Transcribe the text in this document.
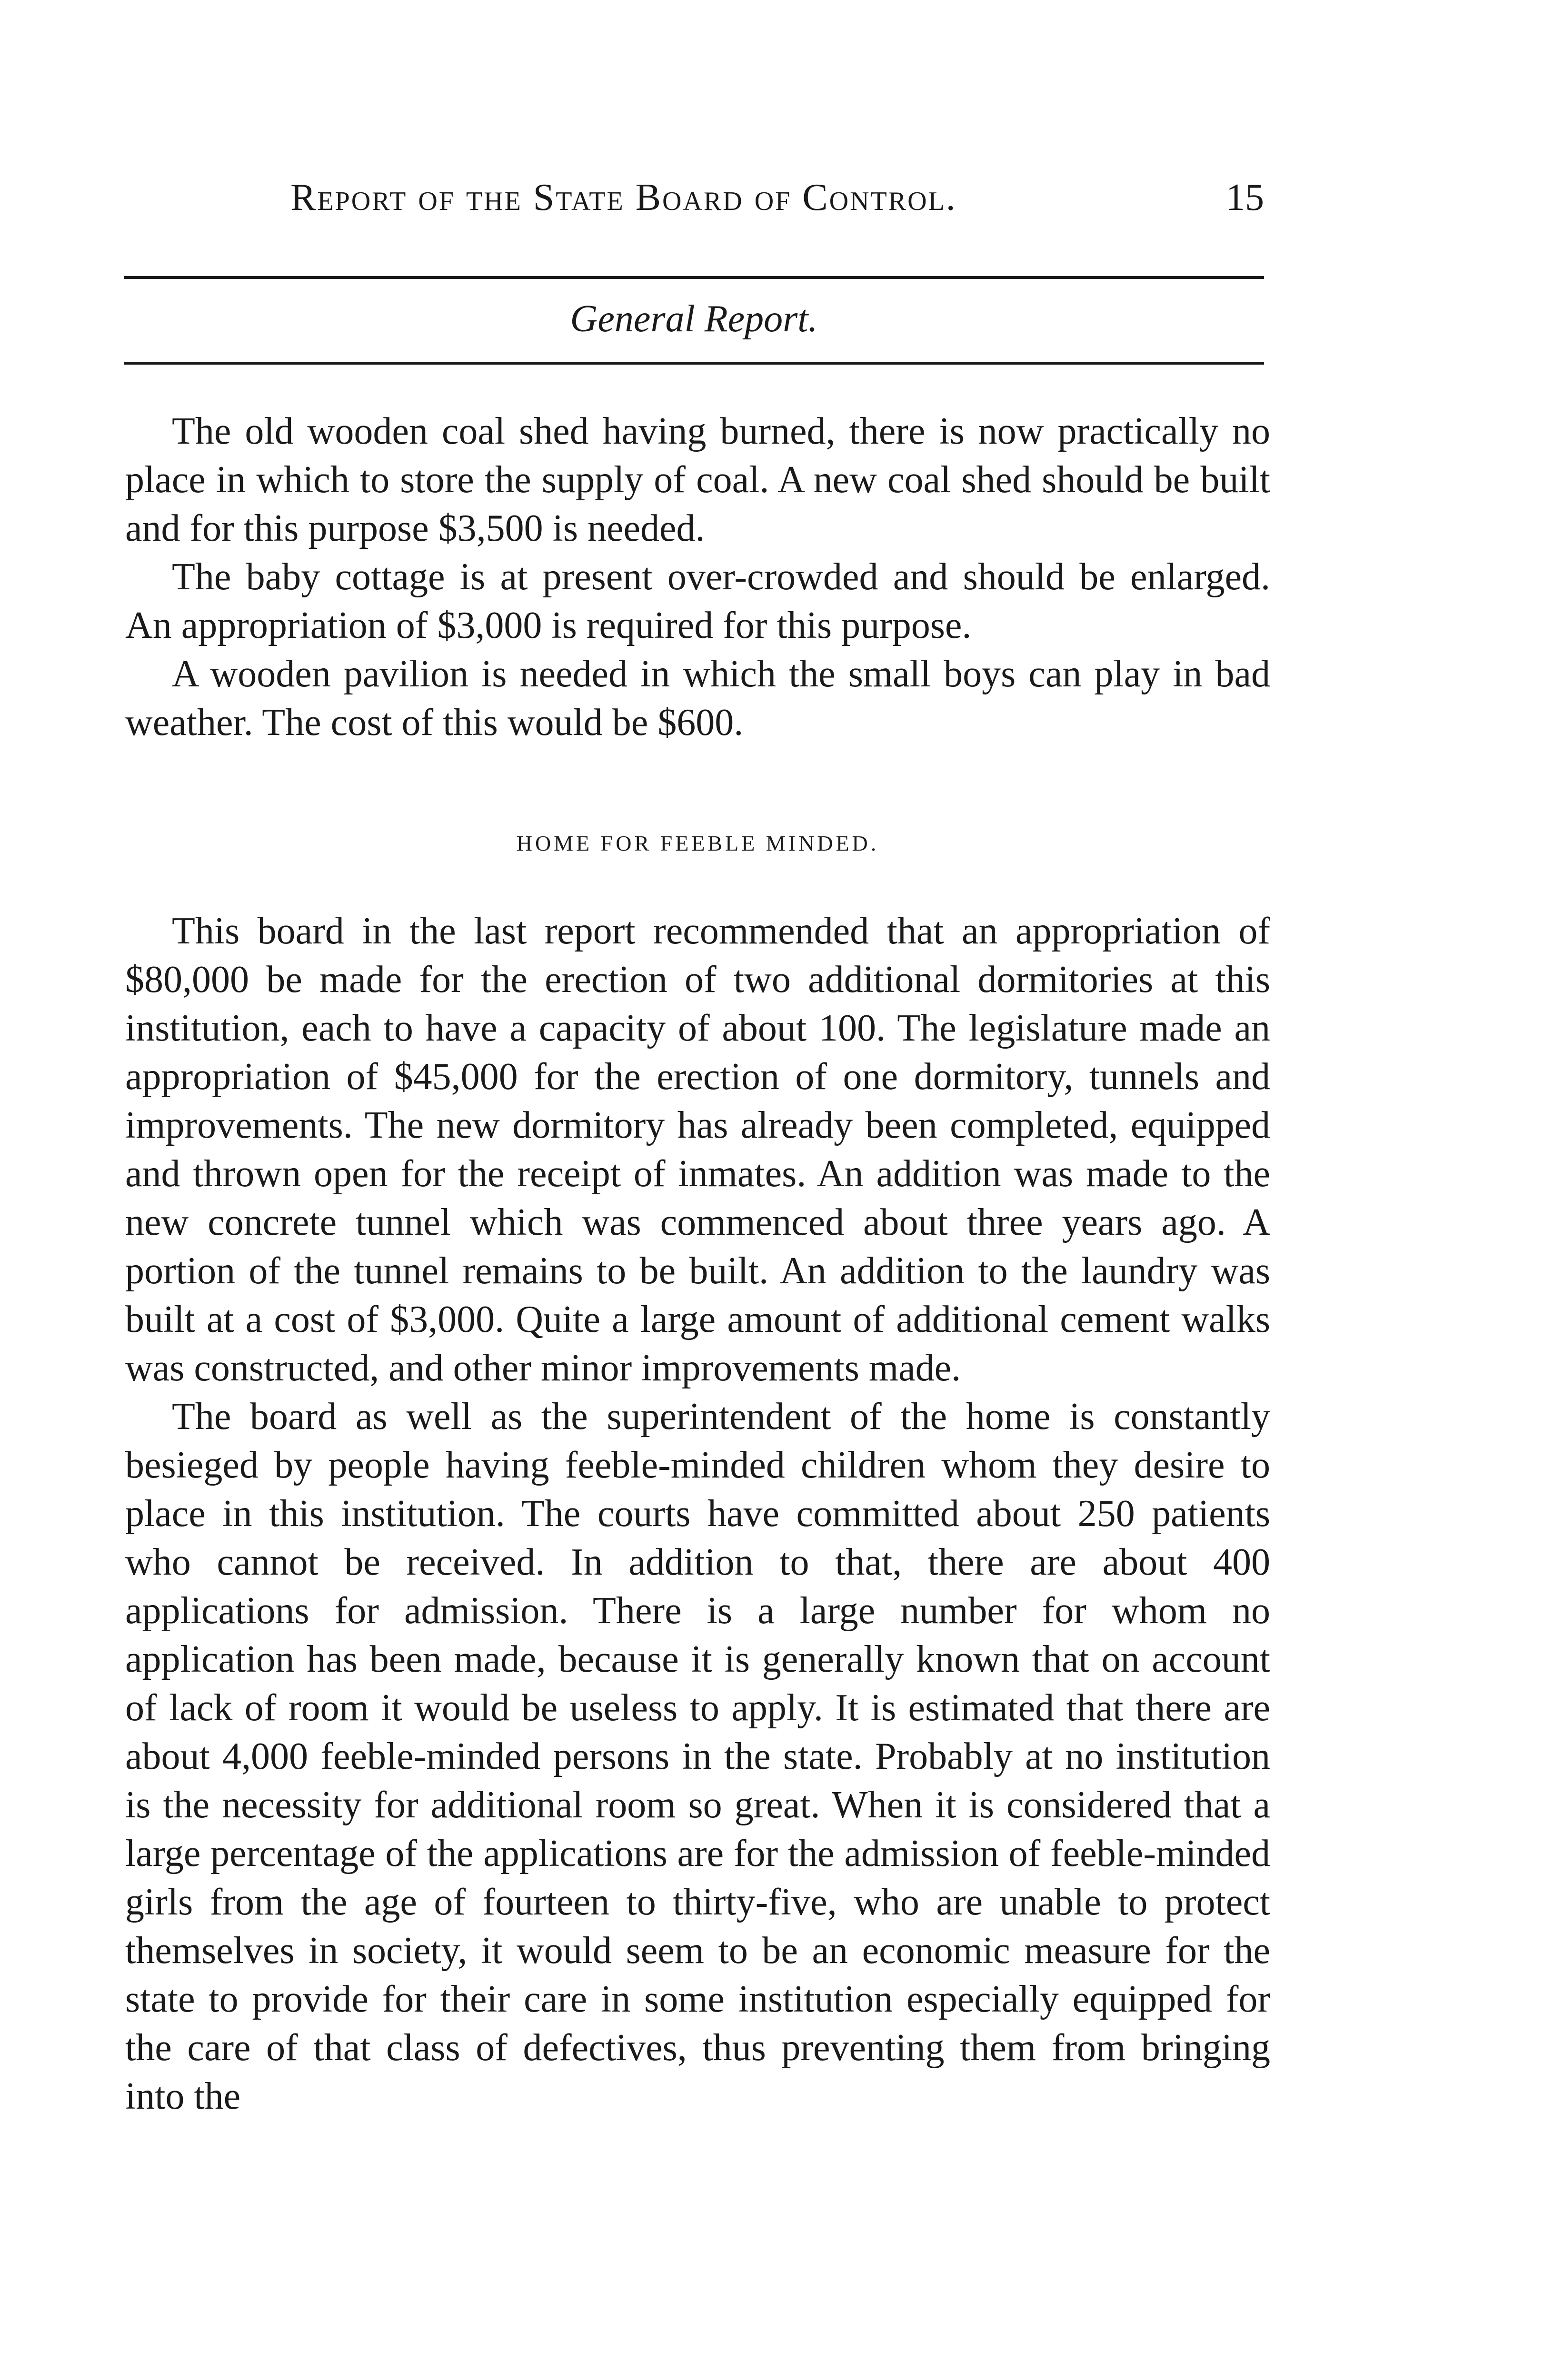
Report of the State Board of Control.	15
General Report.

The old wooden coal shed having burned, there is now practically no place in which to store the supply of coal. A new coal shed should be built and for this purpose $3,500 is needed.

The baby cottage is at present over-crowded and should be enlarged. An appropriation of $3,000 is required for this purpose.

A wooden pavilion is needed in which the small boys can play in bad weather. The cost of this would be $600.

HOME FOR FEEBLE MINDED.

This board in the last report recommended that an appropriation of $80,000 be made for the erection of two additional dormitories at this institution, each to have a capacity of about 100. The legislature made an appropriation of $45,000 for the erection of one dormitory, tunnels and improvements. The new dormitory has already been completed, equipped and thrown open for the receipt of inmates. An addition was made to the new concrete tunnel which was commenced about three years ago. A portion of the tunnel remains to be built. An addition to the laundry was built at a cost of $3,000. Quite a large amount of additional cement walks was constructed, and other minor improvements made.

The board as well as the superintendent of the home is constantly besieged by people having feeble-minded children whom they desire to place in this institution. The courts have committed about 250 patients who cannot be received. In addition to that, there are about 400 applications for admission. There is a large number for whom no application has been made, because it is generally known that on account of lack of room it would be useless to apply. It is estimated that there are about 4,000 feeble-minded persons in the state. Probably at no institution is the necessity for additional room so great. When it is considered that a large percentage of the applications are for the admission of feeble-minded girls from the age of fourteen to thirty-five, who are unable to protect themselves in society, it would seem to be an economic measure for the state to provide for their care in some institution especially equipped for the care of that class of defectives, thus preventing them from bringing into the
